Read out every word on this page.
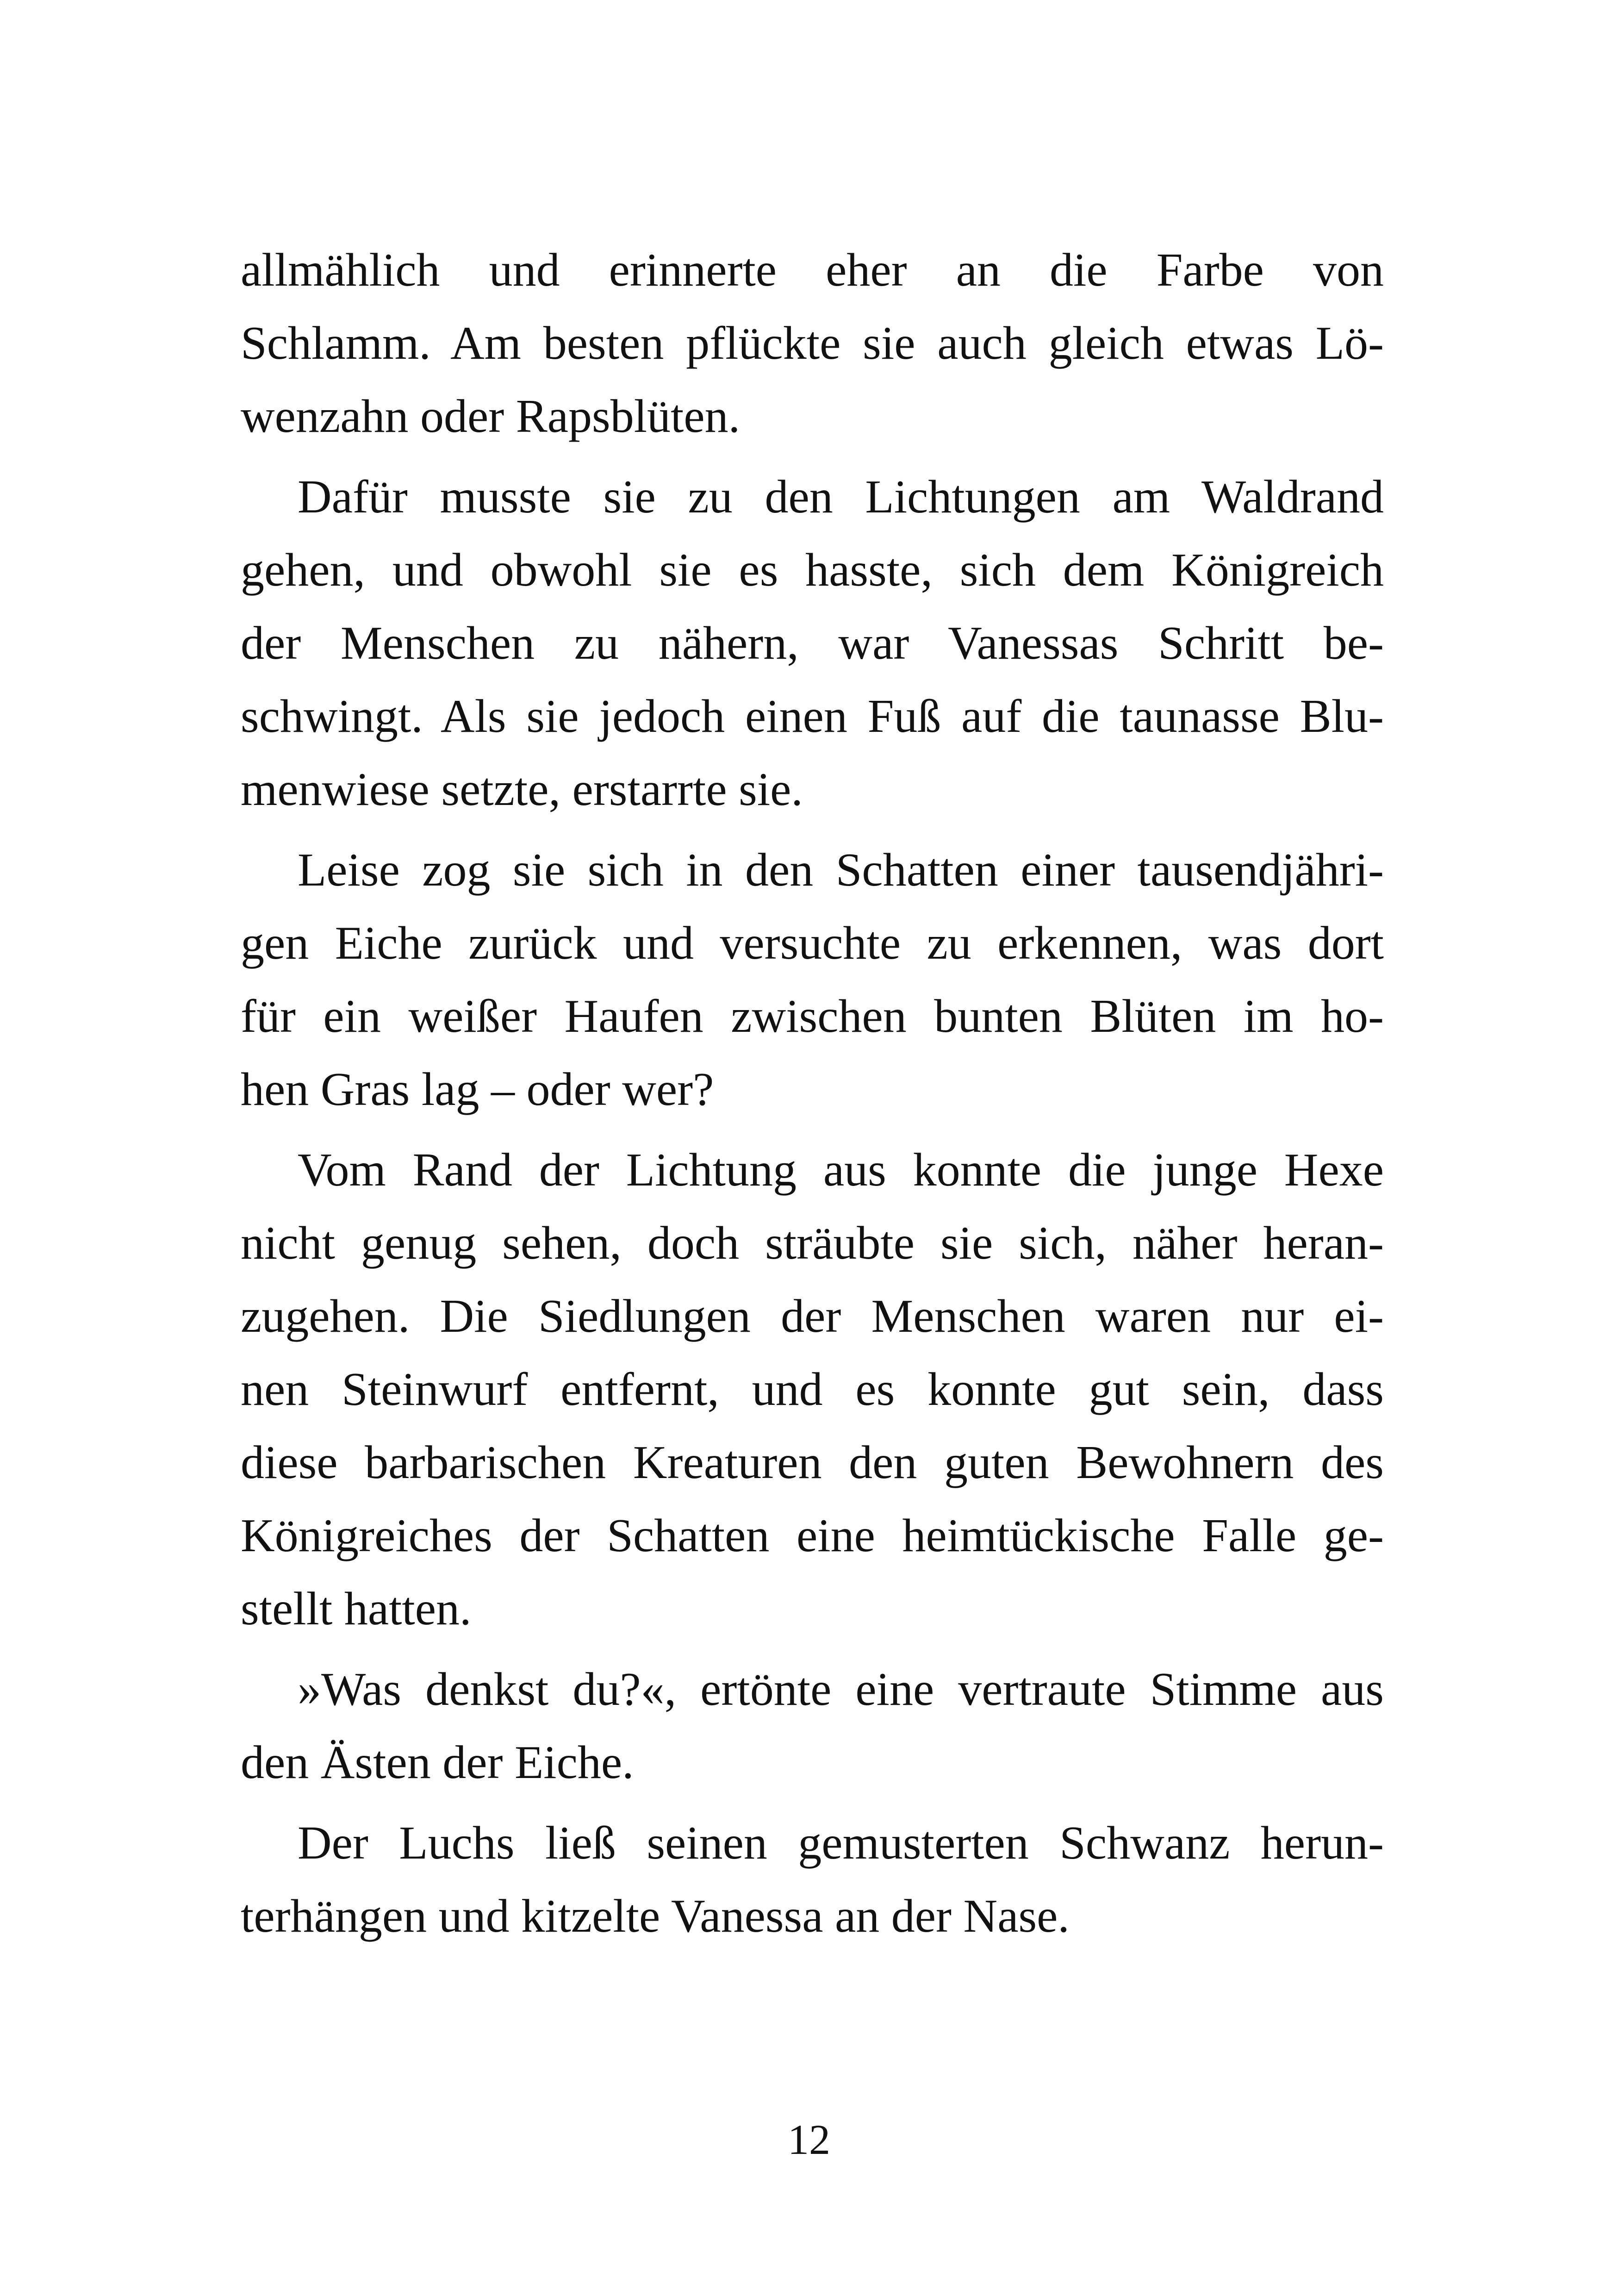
allmählich und erinnerte eher an die Farbe von
Schlamm. Am besten pflückte sie auch gleich etwas Lö-
wenzahn oder Rapsblüten.
Dafür musste sie zu den Lichtungen am Waldrand
gehen, und obwohl sie es hasste, sich dem Königreich
der Menschen zu nähern, war Vanessas Schritt be-
schwingt. Als sie jedoch einen Fuß auf die taunasse Blu-
menwiese setzte, erstarrte sie.
Leise zog sie sich in den Schatten einer tausendjähri-
gen Eiche zurück und versuchte zu erkennen, was dort
für ein weißer Haufen zwischen bunten Blüten im ho-
hen Gras lag – oder wer?
Vom Rand der Lichtung aus konnte die junge Hexe
nicht genug sehen, doch sträubte sie sich, näher heran-
zugehen. Die Siedlungen der Menschen waren nur ei-
nen Steinwurf entfernt, und es konnte gut sein, dass
diese barbarischen Kreaturen den guten Bewohnern des
Königreiches der Schatten eine heimtückische Falle ge-
stellt hatten.
»Was denkst du?«, ertönte eine vertraute Stimme aus
den Ästen der Eiche.
Der Luchs ließ seinen gemusterten Schwanz herun-
terhängen und kitzelte Vanessa an der Nase.
12
